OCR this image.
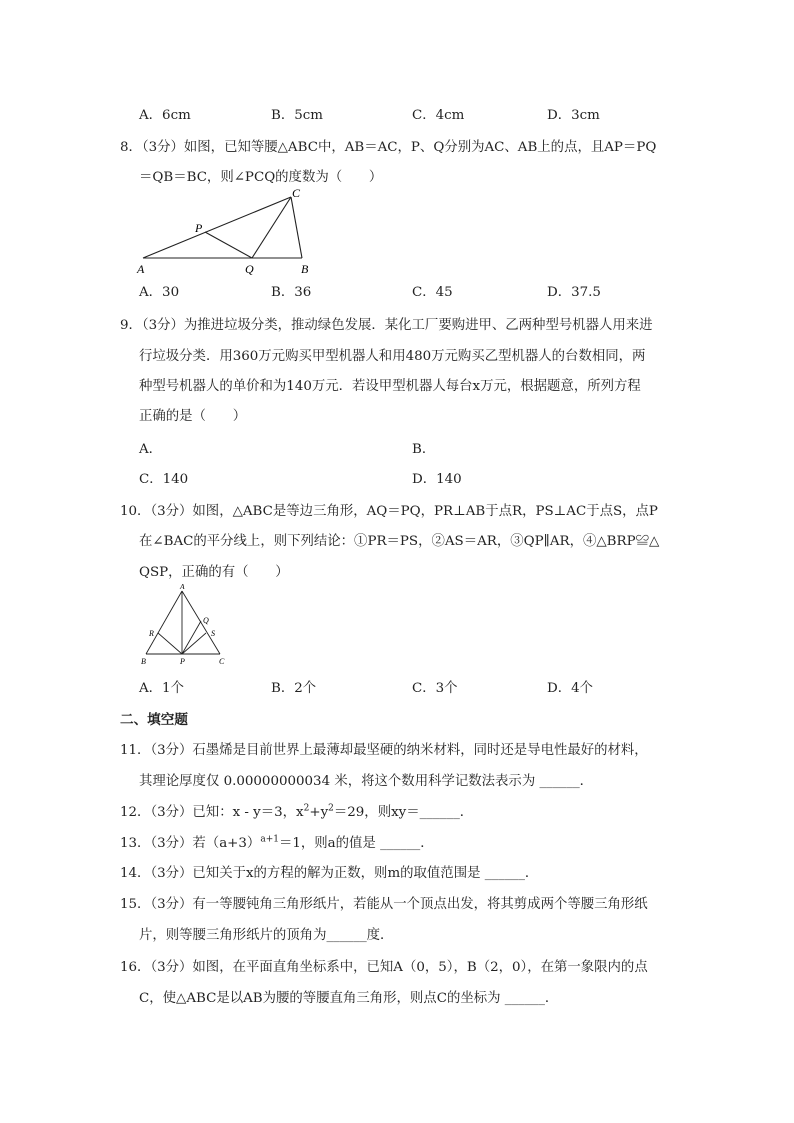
A．6cm	B．5cm	C．4cm	D．3cm
8．（3分）如图，已知等腰△ABC中，AB＝AC，P、Q分别为AC、AB上的点，且AP＝PQ
＝QB＝BC，则∠PCQ的度数为（　　）
A	B
C
P
Q
A．30	B．36	C．45	D．37.5
9．（3分）为推进垃圾分类，推动绿色发展．某化工厂要购进甲、乙两种型号机器人用来进
行垃圾分类．用360万元购买甲型机器人和用480万元购买乙型机器人的台数相同，两
种型号机器人的单价和为140万元．若设甲型机器人每台x万元，根据题意，所列方程
正确的是（　　）
A．	B．
C．140	D．140
10．（3分）如图，△ABC是等边三角形，AQ＝PQ，PR⊥AB于点R，PS⊥AC于点S，点P
在∠BAC的平分线上，则下列结论：①PR＝PS，②AS＝AR，③QP∥AR，④△BRP≌△
QSP，正确的有（　　）
A
B	C
P
Q
R	S
A．1个	B．2个	C．3个	D．4个
二、填空题
11．（3分）石墨烯是目前世界上最薄却最坚硬的纳米材料，同时还是导电性最好的材料，
其理论厚度仅 0.00000000034 米，将这个数用科学记数法表示为 ______．
12．（3分）已知：x - y＝3，$x^2+y^2=29$，则xy＝______．
13．（3分）若$(a+3)^{a+1}=1$，则a的值是 ______．
14．（3分）已知关于x的方程的解为正数，则m的取值范围是 ______．
15．（3分）有一等腰钝角三角形纸片，若能从一个顶点出发，将其剪成两个等腰三角形纸
片，则等腰三角形纸片的顶角为______度．
16．（3分）如图，在平面直角坐标系中，已知A（0，5），B（2，0），在第一象限内的点
C，使△ABC是以AB为腰的等腰直角三角形，则点C的坐标为 ______．
